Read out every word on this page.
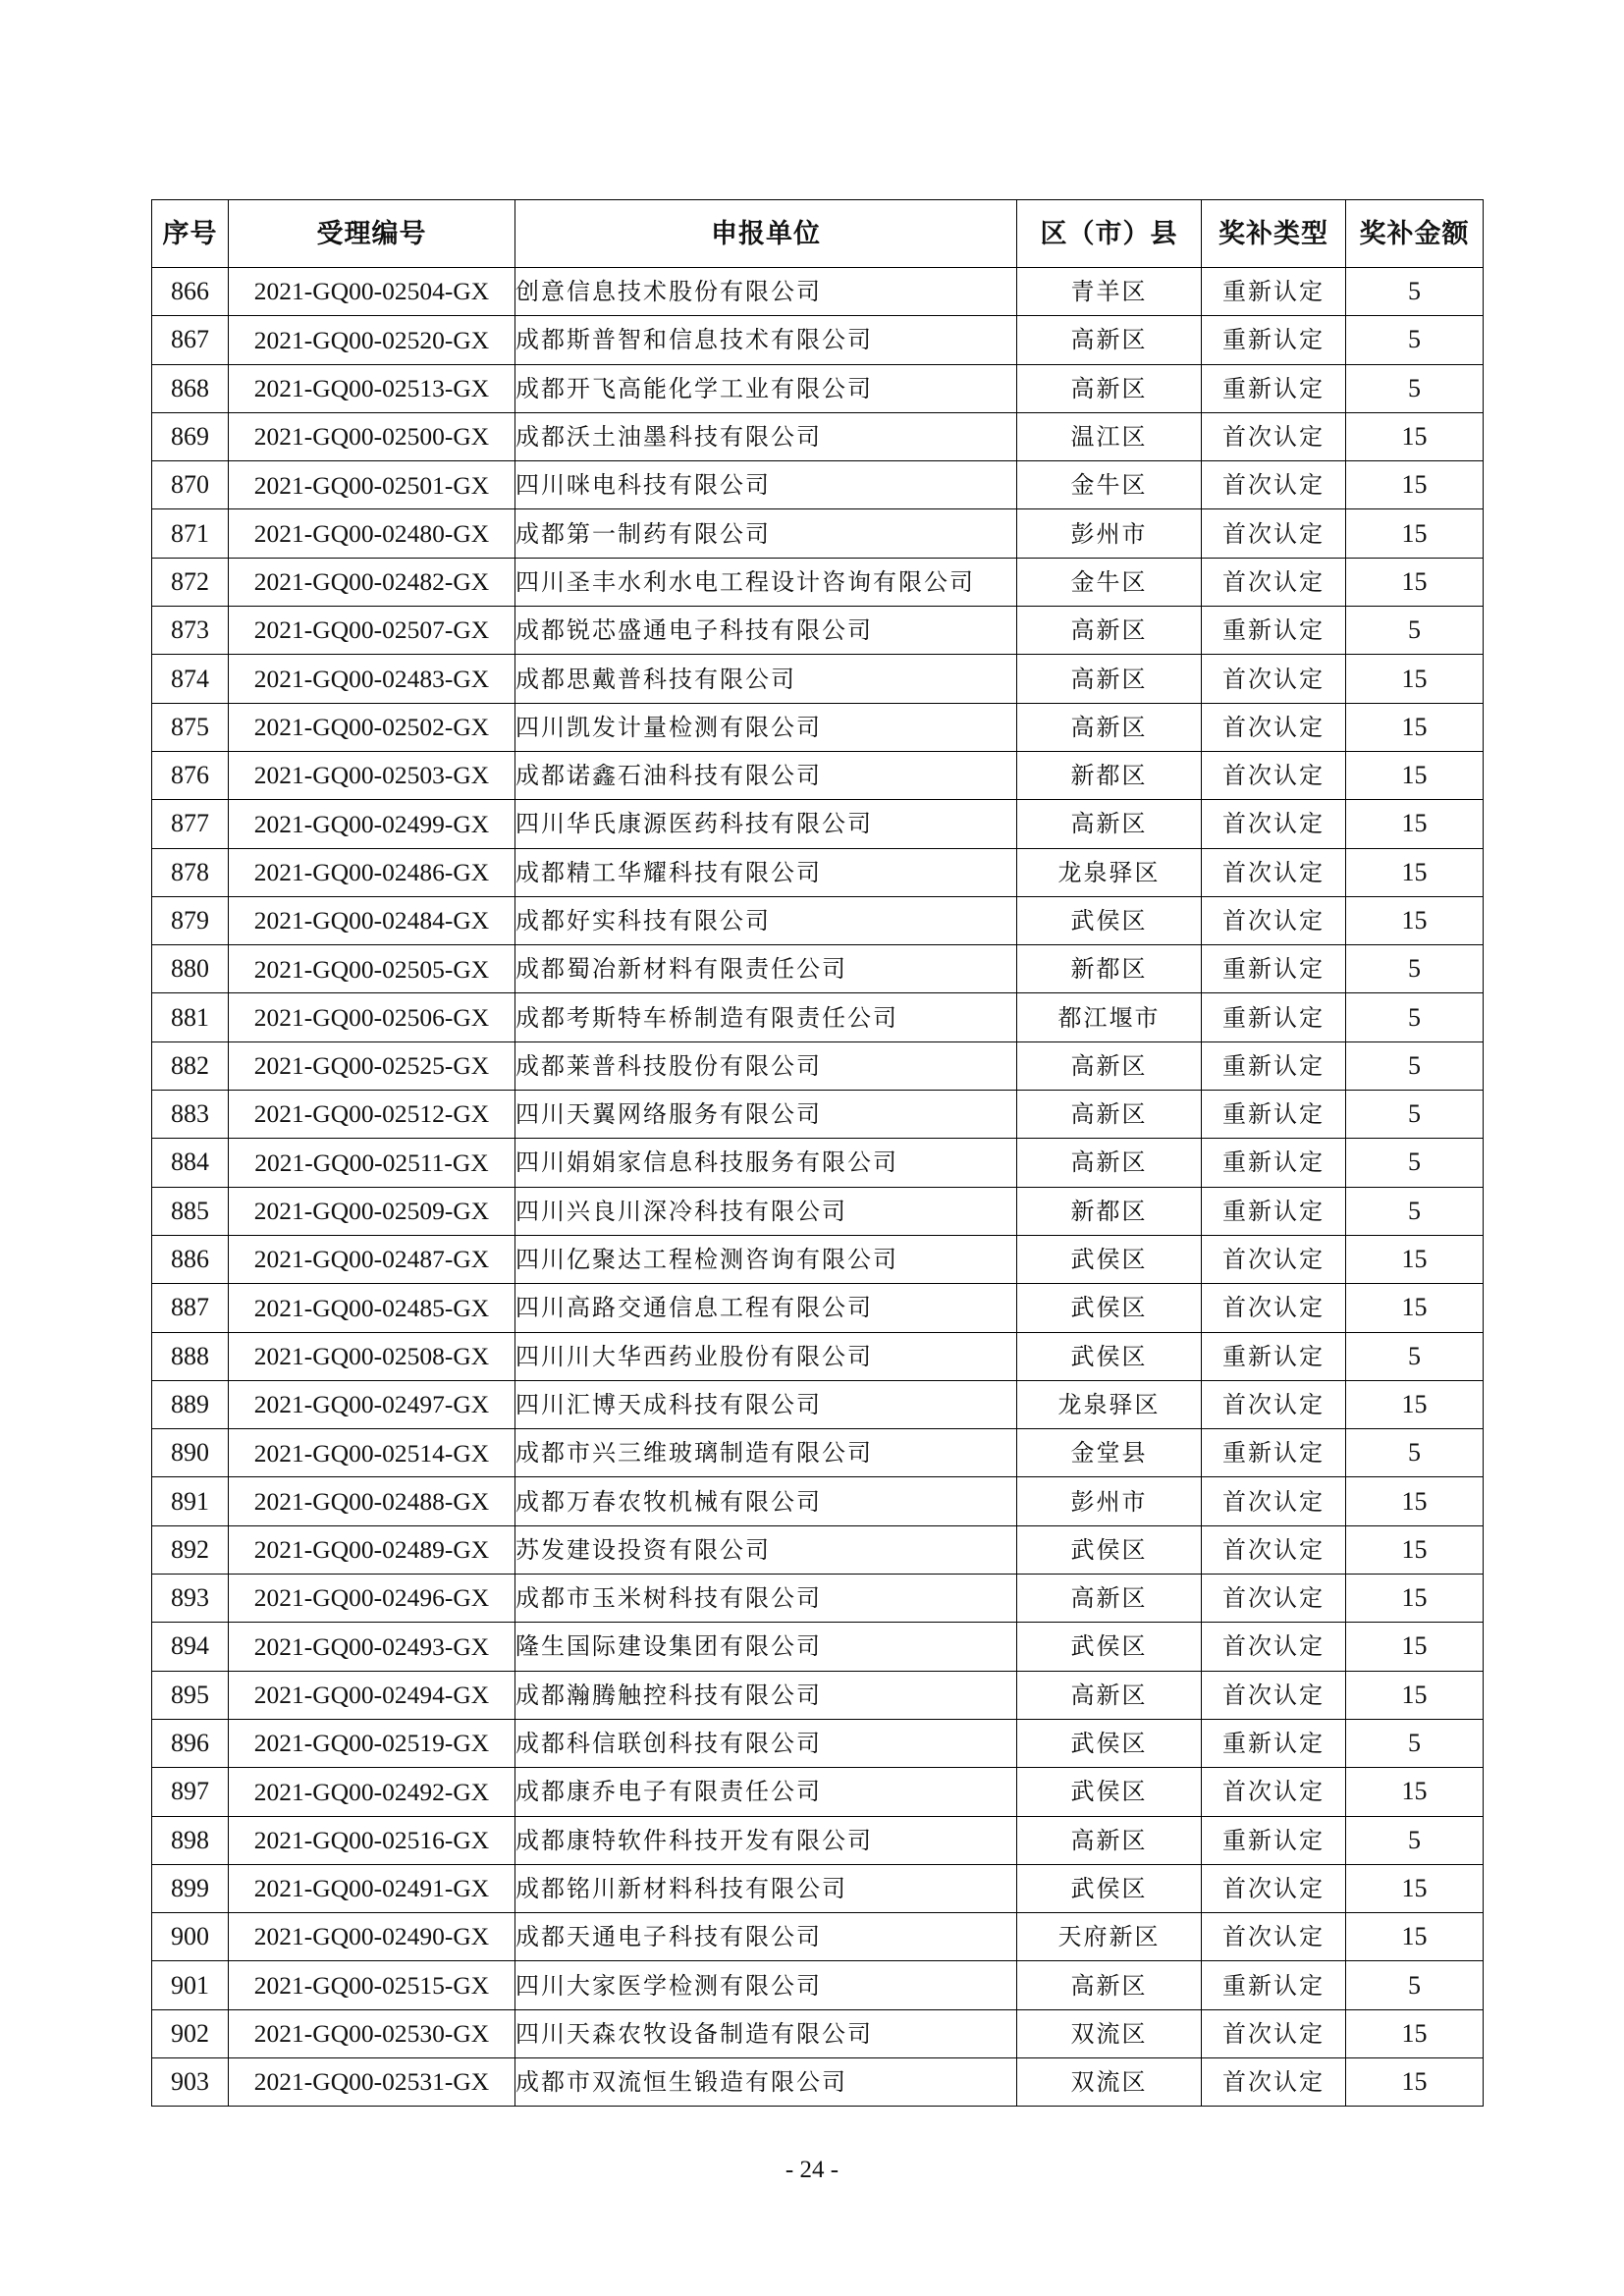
序号	受理编号	申报单位	区（市）县	奖补类型	奖补金额
866	2021-GQ00-02504-GX	创意信息技术股份有限公司	青羊区	重新认定	5
867	2021-GQ00-02520-GX	成都斯普智和信息技术有限公司	高新区	重新认定	5
868	2021-GQ00-02513-GX	成都开飞高能化学工业有限公司	高新区	重新认定	5
869	2021-GQ00-02500-GX	成都沃土油墨科技有限公司	温江区	首次认定	15
870	2021-GQ00-02501-GX	四川咪电科技有限公司	金牛区	首次认定	15
871	2021-GQ00-02480-GX	成都第一制药有限公司	彭州市	首次认定	15
872	2021-GQ00-02482-GX	四川圣丰水利水电工程设计咨询有限公司	金牛区	首次认定	15
873	2021-GQ00-02507-GX	成都锐芯盛通电子科技有限公司	高新区	重新认定	5
874	2021-GQ00-02483-GX	成都思戴普科技有限公司	高新区	首次认定	15
875	2021-GQ00-02502-GX	四川凯发计量检测有限公司	高新区	首次认定	15
876	2021-GQ00-02503-GX	成都诺鑫石油科技有限公司	新都区	首次认定	15
877	2021-GQ00-02499-GX	四川华氏康源医药科技有限公司	高新区	首次认定	15
878	2021-GQ00-02486-GX	成都精工华耀科技有限公司	龙泉驿区	首次认定	15
879	2021-GQ00-02484-GX	成都好实科技有限公司	武侯区	首次认定	15
880	2021-GQ00-02505-GX	成都蜀冶新材料有限责任公司	新都区	重新认定	5
881	2021-GQ00-02506-GX	成都考斯特车桥制造有限责任公司	都江堰市	重新认定	5
882	2021-GQ00-02525-GX	成都莱普科技股份有限公司	高新区	重新认定	5
883	2021-GQ00-02512-GX	四川天翼网络服务有限公司	高新区	重新认定	5
884	2021-GQ00-02511-GX	四川娟娟家信息科技服务有限公司	高新区	重新认定	5
885	2021-GQ00-02509-GX	四川兴良川深冷科技有限公司	新都区	重新认定	5
886	2021-GQ00-02487-GX	四川亿聚达工程检测咨询有限公司	武侯区	首次认定	15
887	2021-GQ00-02485-GX	四川高路交通信息工程有限公司	武侯区	首次认定	15
888	2021-GQ00-02508-GX	四川川大华西药业股份有限公司	武侯区	重新认定	5
889	2021-GQ00-02497-GX	四川汇博天成科技有限公司	龙泉驿区	首次认定	15
890	2021-GQ00-02514-GX	成都市兴三维玻璃制造有限公司	金堂县	重新认定	5
891	2021-GQ00-02488-GX	成都万春农牧机械有限公司	彭州市	首次认定	15
892	2021-GQ00-02489-GX	苏发建设投资有限公司	武侯区	首次认定	15
893	2021-GQ00-02496-GX	成都市玉米树科技有限公司	高新区	首次认定	15
894	2021-GQ00-02493-GX	隆生国际建设集团有限公司	武侯区	首次认定	15
895	2021-GQ00-02494-GX	成都瀚腾触控科技有限公司	高新区	首次认定	15
896	2021-GQ00-02519-GX	成都科信联创科技有限公司	武侯区	重新认定	5
897	2021-GQ00-02492-GX	成都康乔电子有限责任公司	武侯区	首次认定	15
898	2021-GQ00-02516-GX	成都康特软件科技开发有限公司	高新区	重新认定	5
899	2021-GQ00-02491-GX	成都铭川新材料科技有限公司	武侯区	首次认定	15
900	2021-GQ00-02490-GX	成都天通电子科技有限公司	天府新区	首次认定	15
901	2021-GQ00-02515-GX	四川大家医学检测有限公司	高新区	重新认定	5
902	2021-GQ00-02530-GX	四川天森农牧设备制造有限公司	双流区	首次认定	15
903	2021-GQ00-02531-GX	成都市双流恒生锻造有限公司	双流区	首次认定	15
- 24 -
